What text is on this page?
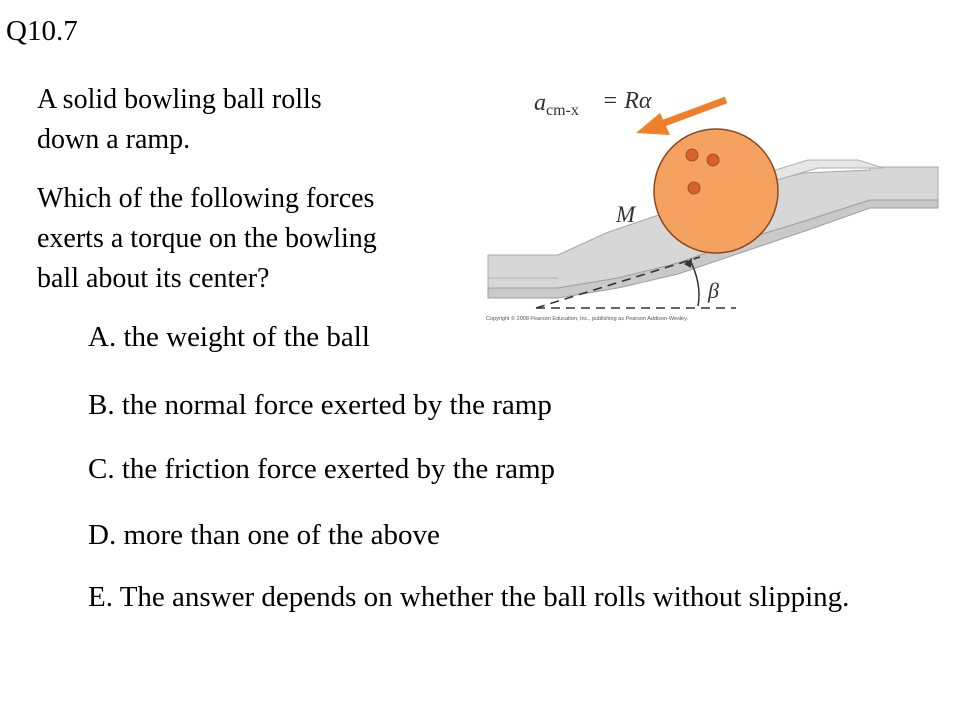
Q10.7
A solid bowling ball rolls
down a ramp.
Which of the following forces
exerts a torque on the bowling
ball about its center?
$a_{cm-x} = R\alpha$
β
M
Copyright © 2008 Pearson Education, Inc., publishing as Pearson Addison-Wesley.
A. the weight of the ball
B. the normal force exerted by the ramp
C. the friction force exerted by the ramp
D. more than one of the above
E. The answer depends on whether the ball rolls without slipping.
